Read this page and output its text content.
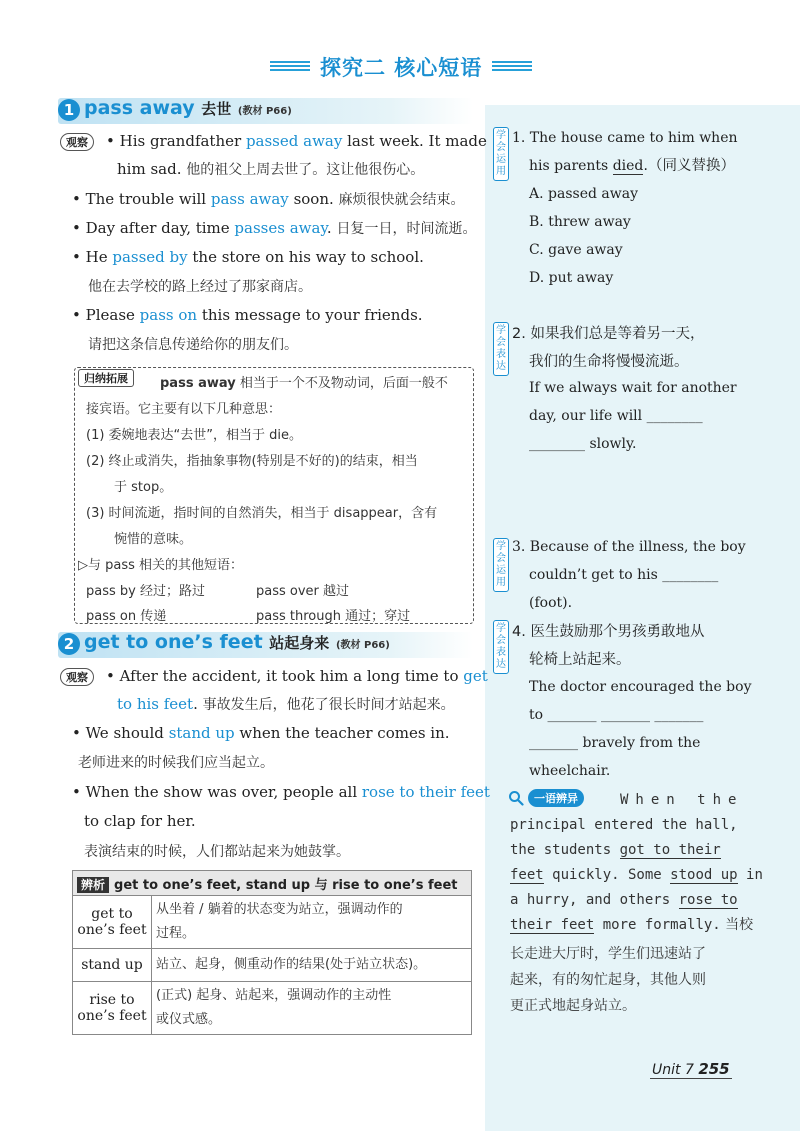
探究二 核心短语
1 pass away 去世 (教材 P66)
观察	• His grandfather passed away last week. It made
him sad. 他的祖父上周去世了。这让他很伤心。
• The trouble will pass away soon. 麻烦很快就会结束。
• Day after day, time passes away. 日复一日，时间流逝。
• He passed by the store on his way to school.
他在去学校的路上经过了那家商店。
• Please pass on this message to your friends.
请把这条信息传递给你的朋友们。
归纳拓展	pass away 相当于一个不及物动词，后面一般不
接宾语。它主要有以下几种意思：
(1) 委婉地表达“去世”，相当于 die。
(2) 终止或消失，指抽象事物(特别是不好的)的结束，相当
于 stop。
(3) 时间流逝，指时间的自然消失，相当于 disappear，含有
惋惜的意味。
▷与 pass 相关的其他短语：
pass by 经过；路过	pass over 越过
pass on 传递	pass through 通过；穿过
2 get to one’s feet 站起身来 (教材 P66)
观察	• After the accident, it took him a long time to get
to his feet. 事故发生后，他花了很长时间才站起来。
• We should stand up when the teacher comes in.
老师进来的时候我们应当起立。
• When the show was over, people all rose to their feet
to clap for her.
表演结束的时候，人们都站起来为她鼓掌。
辨析 get to one’s feet, stand up 与 rise to one’s feet	
get to
one’s feet	从坐着 / 躺着的状态变为站立，强调动作的
过程。
stand up	站立、起身，侧重动作的结果(处于站立状态)。
rise to
one’s feet	(正式) 起身、站起来，强调动作的主动性
或仪式感。
学会运用
1. The house came to him when
his parents died.（同义替换）
A. passed away
B. threw away
C. gave away
D. put away
学会表达
2. 如果我们总是等着另一天，
我们的生命将慢慢流逝。
If we always wait for another
day, our life will ________
________ slowly.
学会运用
3. Because of the illness, the boy
couldn’t get to his ________
(foot).
学会表达
4. 医生鼓励那个男孩勇敢地从
轮椅上站起来。
The doctor encouraged the boy
to _______ _______ _______
_______ bravely from the
wheelchair.
一语辨异	When the
principal entered the hall,
the students got to their
feet quickly. Some stood up in
a hurry, and others rose to
their feet more formally. 当校
长走进大厅时，学生们迅速站了
起来，有的匆忙起身，其他人则
更正式地起身站立。
Unit 7 255
